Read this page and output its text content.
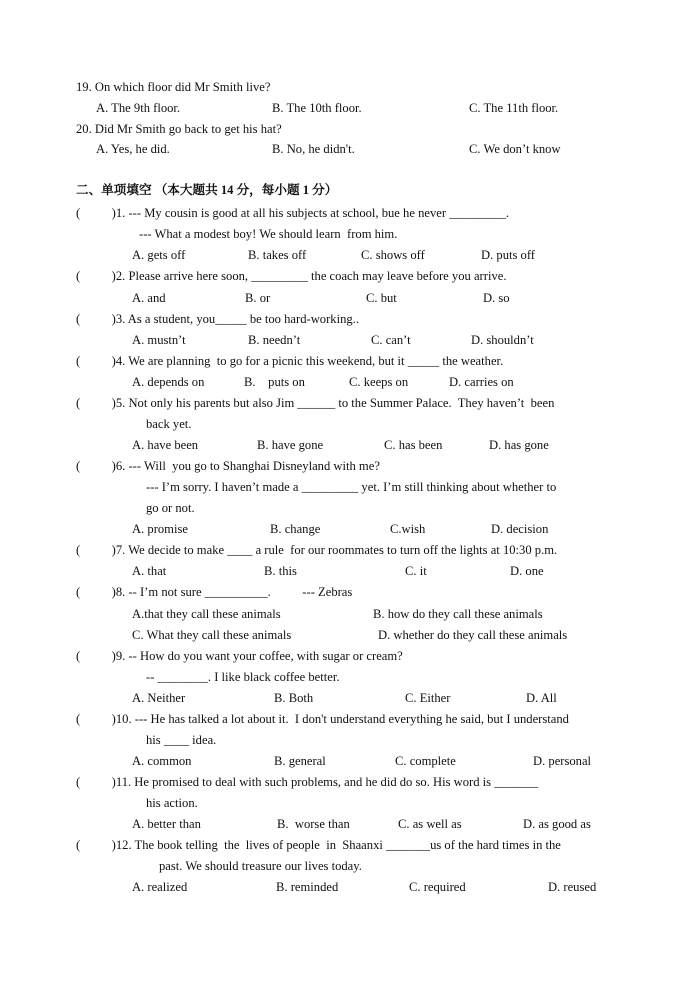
19. On which floor did Mr Smith live?
A. The 9th floor.	B. The 10th floor.	C. The 11th floor.
20. Did Mr Smith go back to get his hat?
A. Yes, he did.	B. No, he didn't.	C. We don’t know
二、单项填空 （本大题共 14 分，每小题 1 分）
(          )1. --- My cousin is good at all his subjects at school, bue he never _________.
--- What a modest boy! We should learn  from him.
A. gets off	B. takes off	C. shows off	D. puts off
(          )2. Please arrive here soon, _________ the coach may leave before you arrive.
A. and	B. or	C. but	D. so
(          )3. As a student, you_____ be too hard-working..
A. mustn’t	B. needn’t	C. can’t	D. shouldn’t
(          )4. We are planning  to go for a picnic this weekend, but it _____ the weather.
A. depends on	B.    puts on	C. keeps on	D. carries on
(          )5. Not only his parents but also Jim ______ to the Summer Palace.  They haven’t  been
back yet.
A. have been	B. have gone	C. has been	D. has gone
(          )6. --- Will  you go to Shanghai Disneyland with me?
--- I’m sorry. I haven’t made a _________ yet. I’m still thinking about whether to
go or not.
A. promise	B. change	C.wish	D. decision
(          )7. We decide to make ____ a rule  for our roommates to turn off the lights at 10:30 p.m.
A. that	B. this	C. it	D. one
(          )8. -- I’m not sure __________.          --- Zebras
A.that they call these animals	B. how do they call these animals
C. What they call these animals	D. whether do they call these animals
(          )9. -- How do you want your coffee, with sugar or cream?
-- ________. I like black coffee better.
A. Neither	B. Both	C. Either	D. All
(          )10. --- He has talked a lot about it.  I don't understand everything he said, but I understand
his ____ idea.
A. common	B. general	C. complete	D. personal
(          )11. He promised to deal with such problems, and he did do so. His word is _______
his action.
A. better than	B.  worse than	C. as well as	D. as good as
(          )12. The book telling  the  lives of people  in  Shaanxi _______us of the hard times in the
past. We should treasure our lives today.
A. realized	B. reminded	C. required	D. reused
